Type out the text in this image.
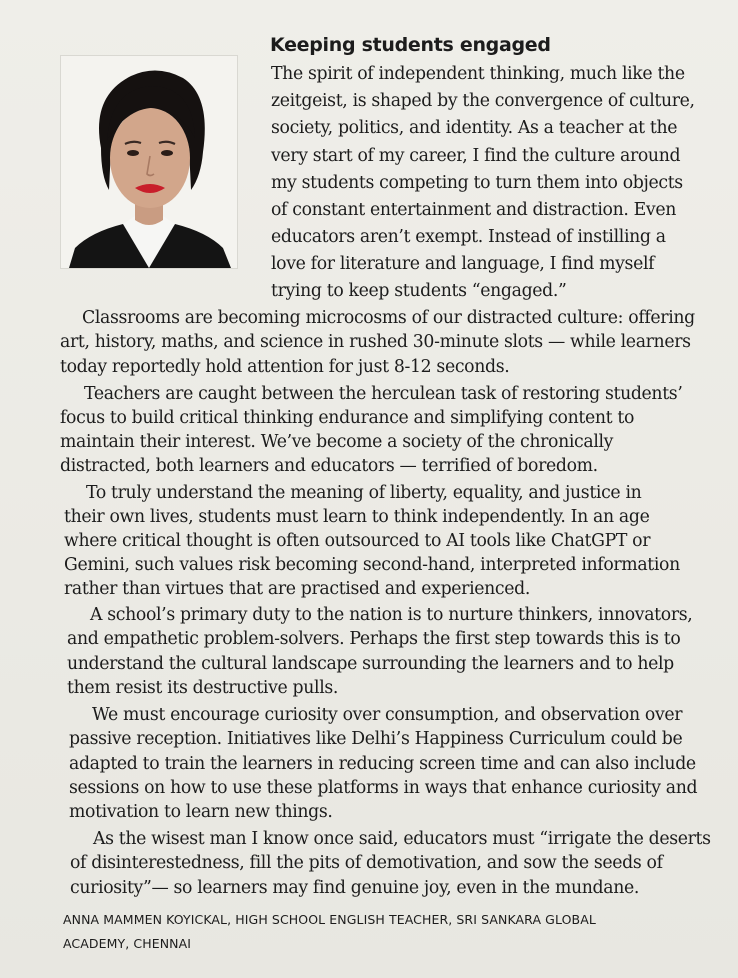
Keeping students engaged
The spirit of independent thinking, much like the
zeitgeist, is shaped by the convergence of culture,
society, politics, and identity. As a teacher at the
very start of my career, I find the culture around
my students competing to turn them into objects
of constant entertainment and distraction. Even
educators aren’t exempt. Instead of instilling a
love for literature and language, I find myself
trying to keep students “engaged.”
Classrooms are becoming microcosms of our distracted culture: offering
art, history, maths, and science in rushed 30-minute slots — while learners
today reportedly hold attention for just 8-12 seconds.
Teachers are caught between the herculean task of restoring students’
focus to build critical thinking endurance and simplifying content to
maintain their interest. We’ve become a society of the chronically
distracted, both learners and educators — terrified of boredom.
To truly understand the meaning of liberty, equality, and justice in
their own lives, students must learn to think independently. In an age
where critical thought is often outsourced to AI tools like ChatGPT or
Gemini, such values risk becoming second-hand, interpreted information
rather than virtues that are practised and experienced.
A school’s primary duty to the nation is to nurture thinkers, innovators,
and empathetic problem-solvers. Perhaps the first step towards this is to
understand the cultural landscape surrounding the learners and to help
them resist its destructive pulls.
We must encourage curiosity over consumption, and observation over
passive reception. Initiatives like Delhi’s Happiness Curriculum could be
adapted to train the learners in reducing screen time and can also include
sessions on how to use these platforms in ways that enhance curiosity and
motivation to learn new things.
As the wisest man I know once said, educators must “irrigate the deserts
of disinterestedness, fill the pits of demotivation, and sow the seeds of
curiosity”— so learners may find genuine joy, even in the mundane.
ANNA MAMMEN KOYICKAL, HIGH SCHOOL ENGLISH TEACHER, SRI SANKARA GLOBAL
ACADEMY, CHENNAI
